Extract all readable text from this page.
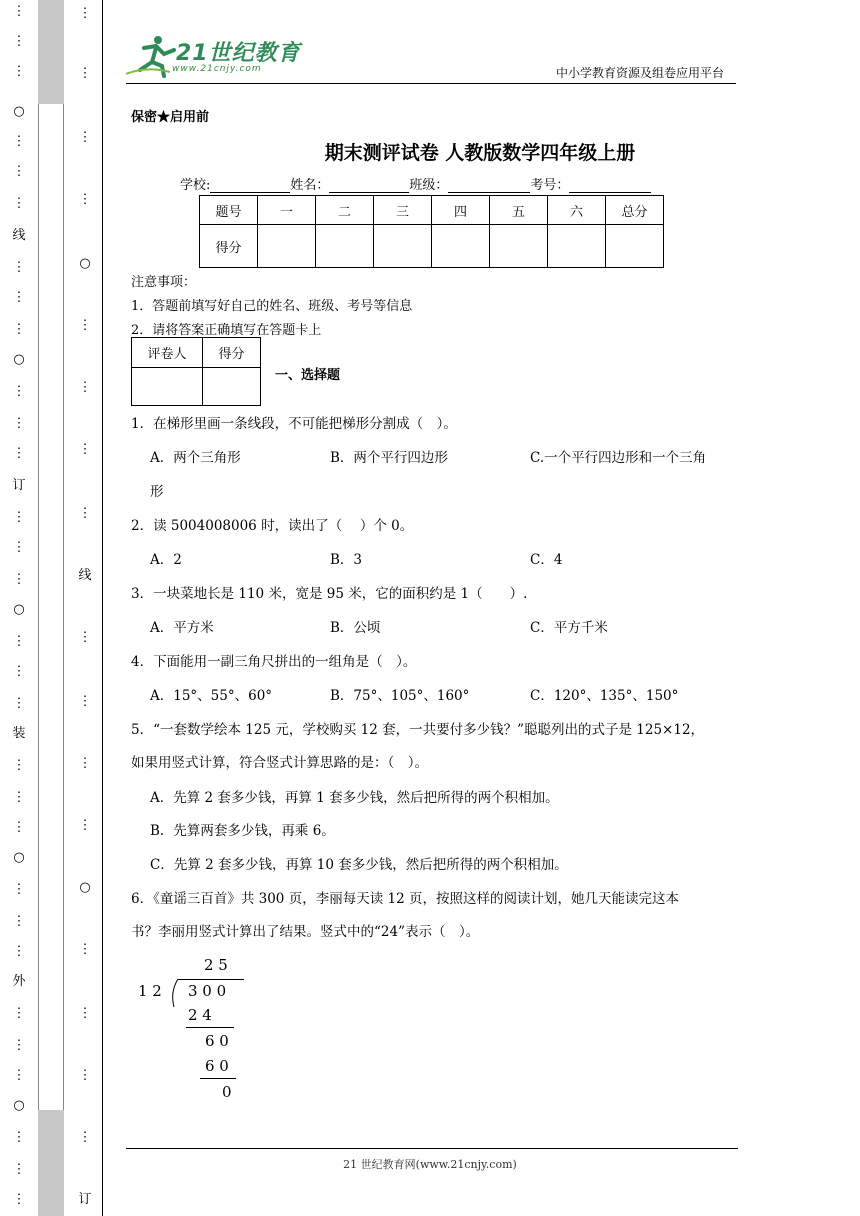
⋮
⋮
⋮
○
⋮
⋮
⋮
线
⋮
⋮
⋮
○
⋮
⋮
⋮
订
⋮
⋮
⋮
○
⋮
⋮
⋮
装
⋮
⋮
⋮
○
⋮
⋮
⋮
外
⋮
⋮
⋮
○
⋮
⋮
⋮
⋮
⋮
⋮
⋮
○
⋮
⋮
⋮
⋮
线
⋮
⋮
⋮
⋮
○
⋮
⋮
⋮
⋮
订
21世纪教育
www.21cnjy.com	中小学教育资源及组卷应用平台
保密★启用前
期末测评试卷 人教版数学四年级上册
学校:	姓名：	班级：	考号：
题号	一	二	三	四	五	六	总分
得分							
注意事项：
1．答题前填写好自己的姓名、班级、考号等信息
2．请将答案正确填写在答题卡上
评卷人	得分

一、选择题
1．在梯形里画一条线段，不可能把梯形分割成（　）。
A．两个三角形	B．两个平行四边形	C.一个平行四边形和一个三角
形
2．读 5004008006 时，读出了（　 ）个 0。
A．2	B．3	C．4
3．一块菜地长是 110 米，宽是 95 米，它的面积约是 1（　　）.
A．平方米	B．公顷	C．平方千米
4．下面能用一副三角尺拼出的一组角是（　）。
A．15°、55°、60°	B．75°、105°、160°	C．120°、135°、150°
5．“一套数学绘本 125 元，学校购买 12 套，一共要付多少钱？”聪聪列出的式子是 125×12，
如果用竖式计算，符合竖式计算思路的是：（　）。
A．先算 2 套多少钱，再算 1 套多少钱，然后把所得的两个积相加。
B．先算两套多少钱，再乘 6。
C．先算 2 套多少钱，再算 10 套多少钱，然后把所得的两个积相加。
6．《童谣三百首》共 300 页，李丽每天读 12 页，按照这样的阅读计划，她几天能读完这本
书？李丽用竖式计算出了结果。竖式中的“24”表示（　）。
2 5
1 2 3 0 0
2 4
6 0
6 0
0
21 世纪教育网(www.21cnjy.com)
